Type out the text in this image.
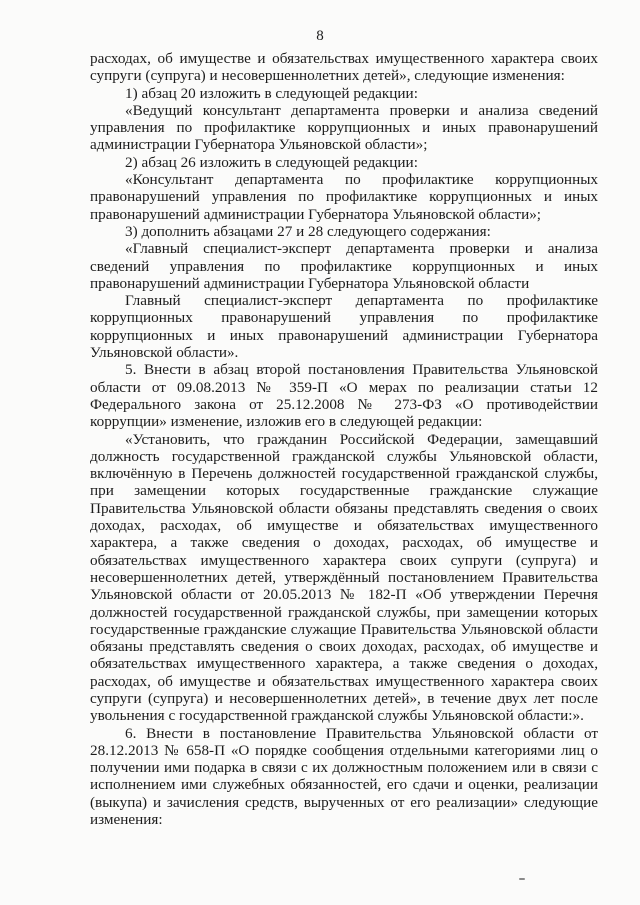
8

расходах, об имуществе и обязательствах имущественного характера своих супруги (супруга) и несовершеннолетних детей», следующие изменения:

1) абзац 20 изложить в следующей редакции:

«Ведущий консультант департамента проверки и анализа сведений управления по профилактике коррупционных и иных правонарушений администрации Губернатора Ульяновской области»;

2) абзац 26 изложить в следующей редакции:

«Консультант департамента по профилактике коррупционных правонарушений управления по профилактике коррупционных и иных правонарушений администрации Губернатора Ульяновской области»;

3) дополнить абзацами 27 и 28 следующего содержания:

«Главный специалист-эксперт департамента проверки и анализа сведений управления по профилактике коррупционных и иных правонарушений администрации Губернатора Ульяновской области

Главный специалист-эксперт департамента по профилактике коррупционных правонарушений управления по профилактике коррупционных и иных правонарушений администрации Губернатора Ульяновской области».

5. Внести в абзац второй постановления Правительства Ульяновской области от 09.08.2013 № 359-П «О мерах по реализации статьи 12 Федерального закона от 25.12.2008 № 273-ФЗ «О противодействии коррупции» изменение, изложив его в следующей редакции:

«Установить, что гражданин Российской Федерации, замещавший должность государственной гражданской службы Ульяновской области, включённую в Перечень должностей государственной гражданской службы, при замещении которых государственные гражданские служащие Правительства Ульяновской области обязаны представлять сведения о своих доходах, расходах, об имуществе и обязательствах имущественного характера, а также сведения о доходах, расходах, об имуществе и обязательствах имущественного характера своих супруги (супруга) и несовершеннолетних детей, утверждённый постановлением Правительства Ульяновской области от 20.05.2013 № 182-П «Об утверждении Перечня должностей государственной гражданской службы, при замещении которых государственные гражданские служащие Правительства Ульяновской области обязаны представлять сведения о своих доходах, расходах, об имуществе и обязательствах имущественного характера, а также сведения о доходах, расходах, об имуществе и обязательствах имущественного характера своих супруги (супруга) и несовершеннолетних детей», в течение двух лет после увольнения с государственной гражданской службы Ульяновской области:».

6. Внести в постановление Правительства Ульяновской области от 28.12.2013 № 658-П «О порядке сообщения отдельными категориями лиц о получении ими подарка в связи с их должностным положением или в связи с исполнением ими служебных обязанностей, его сдачи и оценки, реализации (выкупа) и зачисления средств, вырученных от его реализации» следующие изменения:
